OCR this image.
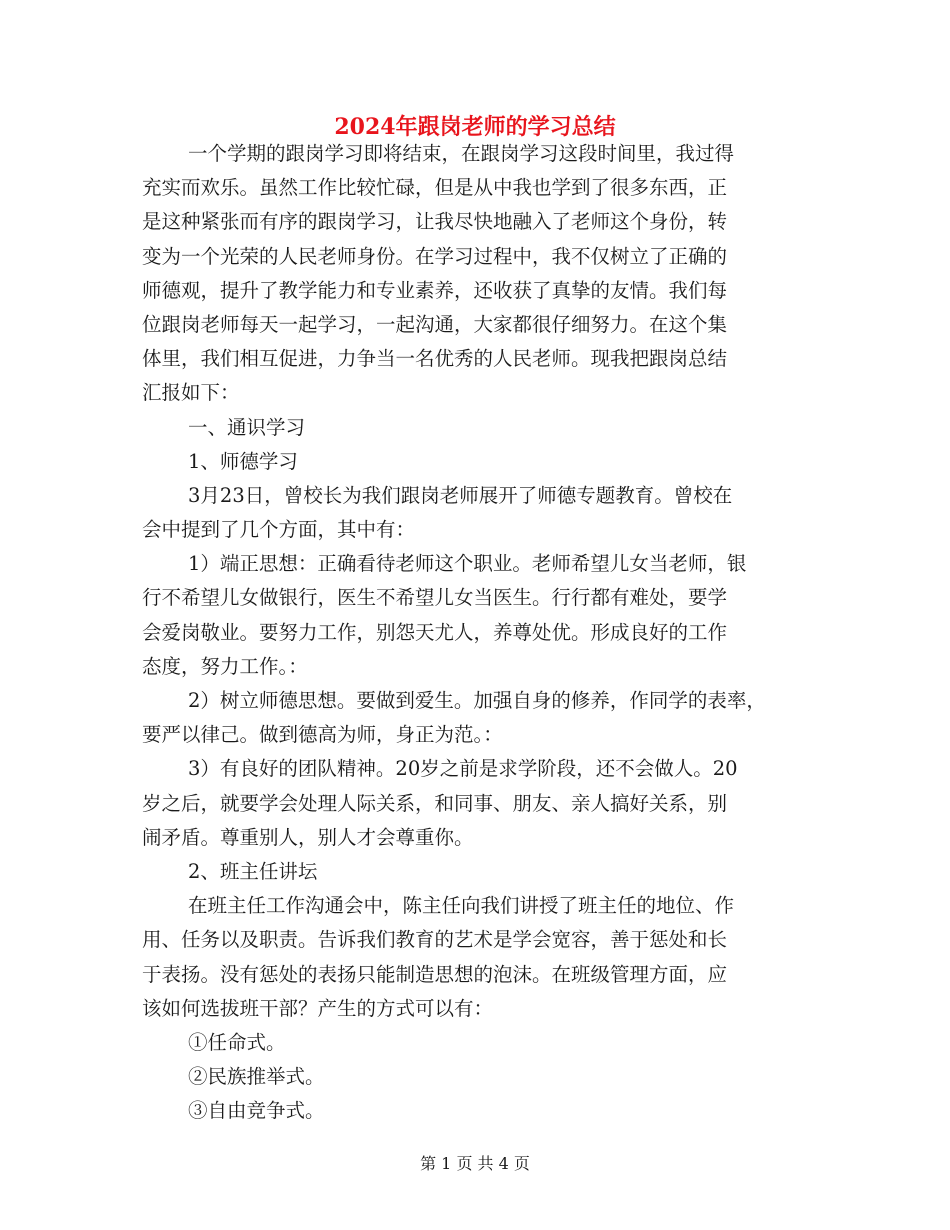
2024年跟岗老师的学习总结
一个学期的跟岗学习即将结束，在跟岗学习这段时间里，我过得
充实而欢乐。虽然工作比较忙碌，但是从中我也学到了很多东西，正
是这种紧张而有序的跟岗学习，让我尽快地融入了老师这个身份，转
变为一个光荣的人民老师身份。在学习过程中，我不仅树立了正确的
师德观，提升了教学能力和专业素养，还收获了真挚的友情。我们每
位跟岗老师每天一起学习，一起沟通，大家都很仔细努力。在这个集
体里，我们相互促进，力争当一名优秀的人民老师。现我把跟岗总结
汇报如下：
一、通识学习
1、师德学习
3月23日，曾校长为我们跟岗老师展开了师德专题教育。曾校在
会中提到了几个方面，其中有：
1）端正思想：正确看待老师这个职业。老师希望儿女当老师，银
行不希望儿女做银行，医生不希望儿女当医生。行行都有难处，要学
会爱岗敬业。要努力工作，别怨天尤人，养尊处优。形成良好的工作
态度，努力工作。：
2）树立师德思想。要做到爱生。加强自身的修养，作同学的表率，
要严以律己。做到德高为师，身正为范。：
3）有良好的团队精神。20岁之前是求学阶段，还不会做人。20
岁之后，就要学会处理人际关系，和同事、朋友、亲人搞好关系，别
闹矛盾。尊重别人，别人才会尊重你。
2、班主任讲坛
在班主任工作沟通会中，陈主任向我们讲授了班主任的地位、作
用、任务以及职责。告诉我们教育的艺术是学会宽容，善于惩处和长
于表扬。没有惩处的表扬只能制造思想的泡沫。在班级管理方面，应
该如何选拔班干部？产生的方式可以有：
①任命式。
②民族推举式。
③自由竞争式。
第 1 页 共 4 页
